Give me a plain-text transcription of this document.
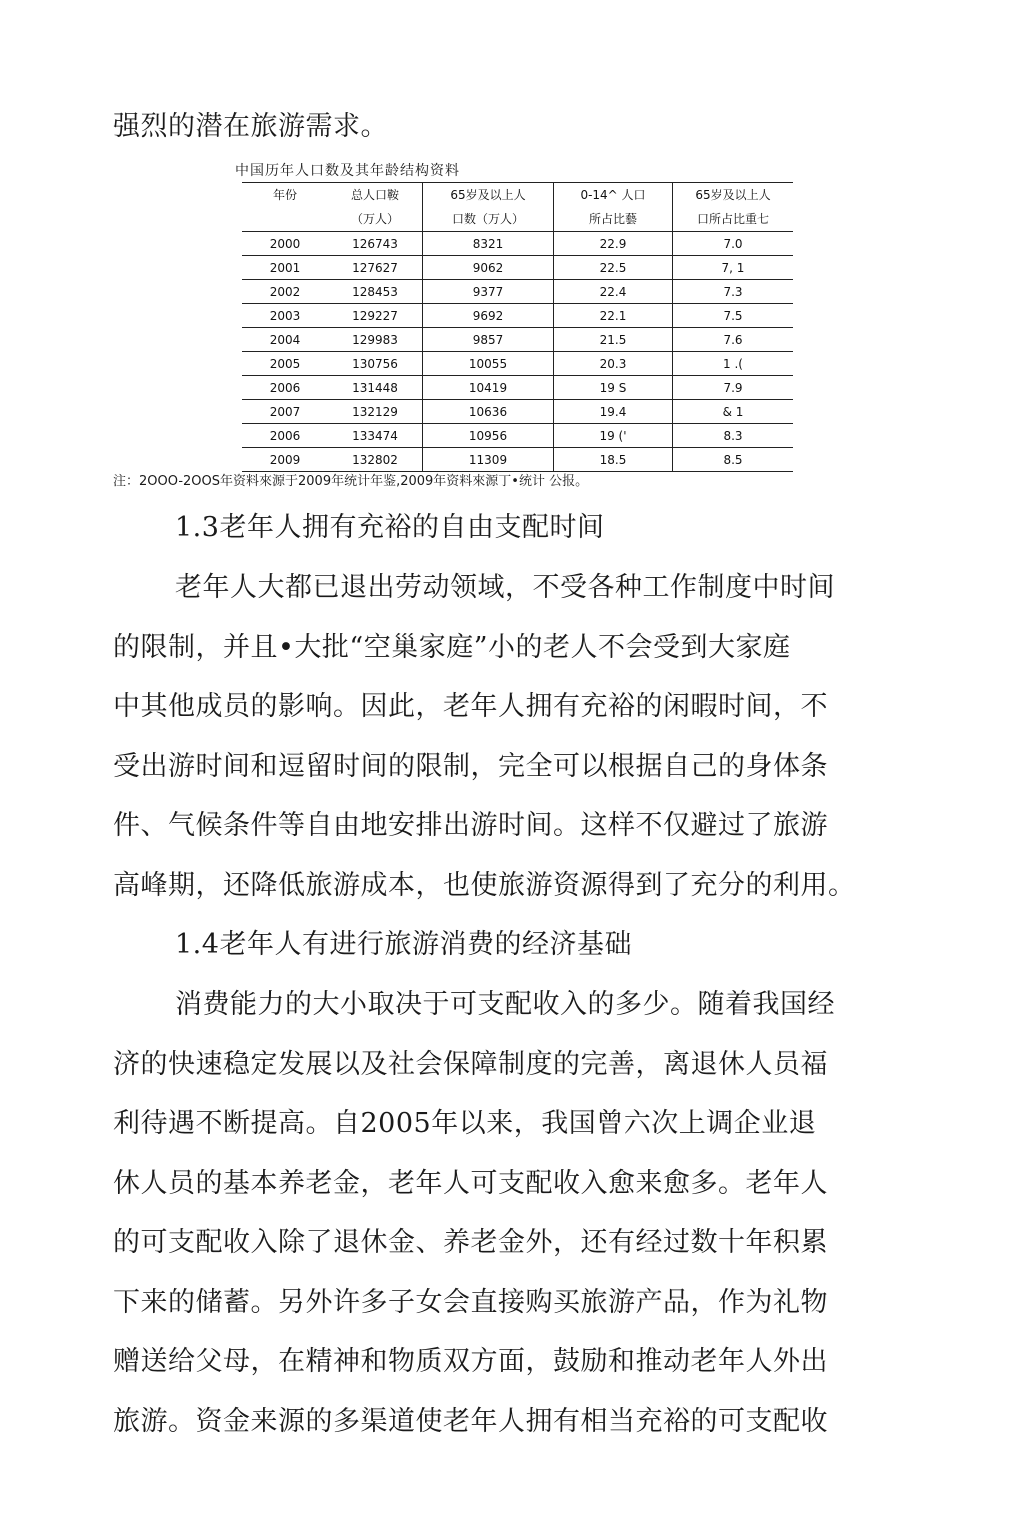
强烈的潜在旅游需求。
中国历年人口数及其年龄结构资料
年份	总人口鞍	65岁及以上人	0-14^ 人口	65岁及以上人
	（万人）	口数（万人）	所占比藝	口所占比重七
2000	126743	8321	22.9	7.0
2001	127627	9062	22.5	7, 1
2002	128453	9377	22.4	7.3
2003	129227	9692	22.1	7.5
2004	129983	9857	21.5	7.6
2005	130756	10055	20.3	1 .(
2006	131448	10419	19 S	7.9
2007	132129	10636	19.4	& 1
2006	133474	10956	19 ('	8.3
2009	132802	11309	18.5	8.5
注：2OOO-2OOS年资料來源于2009年统计年鉴,2009年资料來源丁•统计 公报。
1.3老年人拥有充裕的自由支配时间
老年人大都已退出劳动领域，不受各种工作制度中时间
的限制，并且•大批“空巢家庭”小的老人不会受到大家庭
中其他成员的影响。因此，老年人拥有充裕的闲暇时间，不
受出游时间和逗留时间的限制，完全可以根据自己的身体条
件、气候条件等自由地安排出游时间。这样不仅避过了旅游
高峰期，还降低旅游成本，也使旅游资源得到了充分的利用。
1.4老年人有进行旅游消费的经济基础
消费能力的大小取决于可支配收入的多少。随着我国经
济的快速稳定发展以及社会保障制度的完善，离退休人员福
利待遇不断提高。自2005年以来，我国曾六次上调企业退
休人员的基本养老金，老年人可支配收入愈来愈多。老年人
的可支配收入除了退休金、养老金外，还有经过数十年积累
下来的储蓄。另外许多子女会直接购买旅游产品，作为礼物
赠送给父母，在精神和物质双方面，鼓励和推动老年人外出
旅游。资金来源的多渠道使老年人拥有相当充裕的可支配收
